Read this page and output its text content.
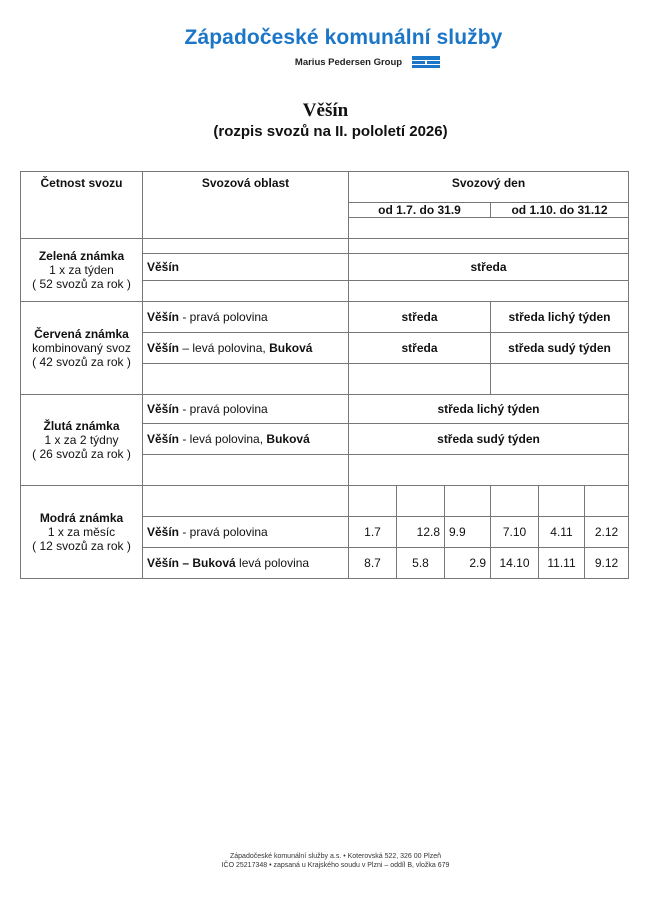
Západočeské komunální služby
Marius Pedersen Group
Věšín
(rozpis svozů na II. pololetí 2026)
Četnost svozu	Svozová oblast	Svozový den					
		od 1.7. do 31.9			od 1.10. do 31.12		

Zelená známka
1 x za týden
( 52 svozů za rok )							
	Věšín	středa					

Červená známka
kombinovaný svoz
( 42 svozů za rok )	Věšín - pravá polovina	středa			středa lichý týden		
	Věšín – levá polovina, Buková	středa			středa sudý týden		

Žlutá známka
1 x za 2 týdny
( 26 svozů za rok )	Věšín - pravá polovina	středa lichý týden					
	Věšín - levá polovina, Buková	středa sudý týden					

Modrá známka
1 x za měsíc
( 12 svozů za rok )							
	Věšín - pravá polovina	1.7	12.8	9.9	7.10	4.11	2.12
	Věšín – Buková levá polovina	8.7	5.8	2.9	14.10	11.11	9.12
Západočeské komunální služby a.s. • Koterovská 522, 326 00 Plzeň
IČO 25217348 • zapsaná u Krajského soudu v Plzni – oddíl B, vložka 679
